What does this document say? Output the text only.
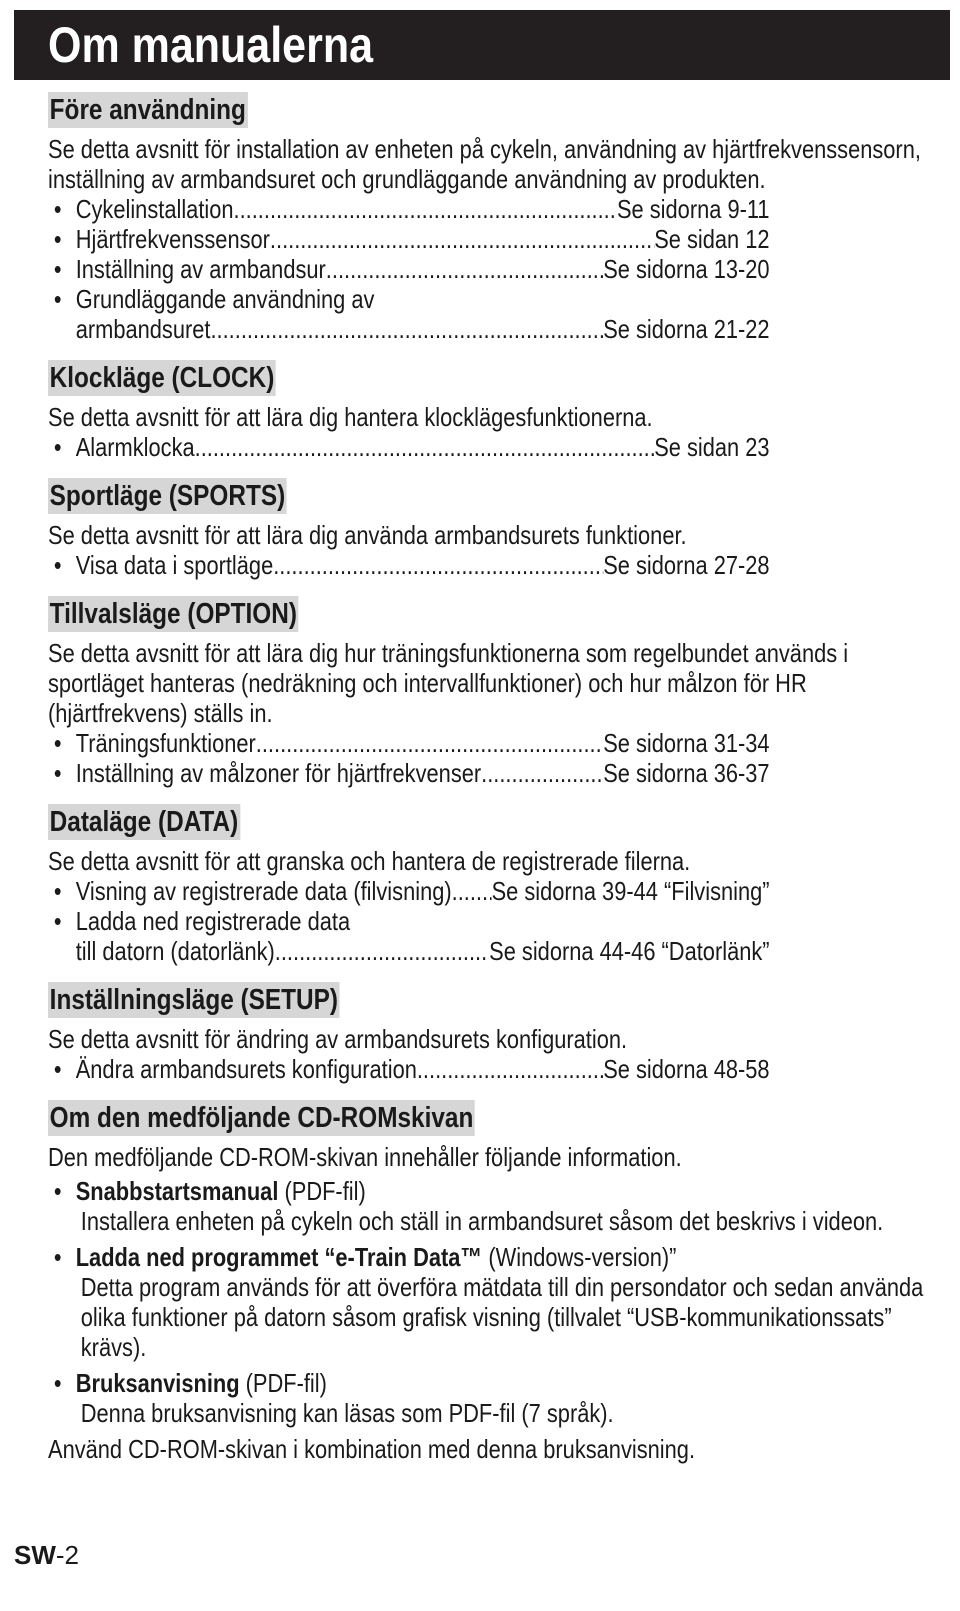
Om manualerna
Före användning

Se detta avsnitt för installation av enheten på cykeln, användning av hjärtfrekvenssensorn, inställning av armbandsuret och grundläggande användning av produkten.

• Cykelinstallation .....	Se sidorna 9-11
• Hjärtfrekvenssensor .....	Se sidan 12
• Inställning av armbandsur .....	Se sidorna 13-20
• Grundläggande användning av
armbandsuret .....	Se sidorna 21-22
Klockläge (CLOCK)

Se detta avsnitt för att lära dig hantera klocklägesfunktionerna.

• Alarmklocka .....	Se sidan 23
Sportläge (SPORTS)

Se detta avsnitt för att lära dig använda armbandsurets funktioner.

• Visa data i sportläge .....	Se sidorna 27-28
Tillvalsläge (OPTION)

Se detta avsnitt för att lära dig hur träningsfunktionerna som regelbundet används i sportläget hanteras (nedräkning och intervallfunktioner) och hur målzon för HR (hjärtfrekvens) ställs in.

• Träningsfunktioner .....	Se sidorna 31-34
• Inställning av målzoner för hjärtfrekvenser .....	Se sidorna 36-37
Dataläge (DATA)

Se detta avsnitt för att granska och hantera de registrerade filerna.

• Visning av registrerade data (filvisning) ..... Se sidorna 39-44 “Filvisning”
• Ladda ned registrerade data
till datorn (datorlänk) .....	Se sidorna 44-46 “Datorlänk”
Inställningsläge (SETUP)

Se detta avsnitt för ändring av armbandsurets konfiguration.

• Ändra armbandsurets konfiguration .....	Se sidorna 48-58
Om den medföljande CD-ROMskivan

Den medföljande CD-ROM-skivan innehåller följande information.

• Snabbstartsmanual (PDF-fil)
Installera enheten på cykeln och ställ in armbandsuret såsom det beskrivs i videon.
• Ladda ned programmet “e-Train Data™ (Windows-version)”
Detta program används för att överföra mätdata till din persondator och sedan använda olika funktioner på datorn såsom grafisk visning (tillvalet “USB-kommunikationssats” krävs).
• Bruksanvisning (PDF-fil)
Denna bruksanvisning kan läsas som PDF-fil (7 språk).

Använd CD-ROM-skivan i kombination med denna bruksanvisning.

SW-2
